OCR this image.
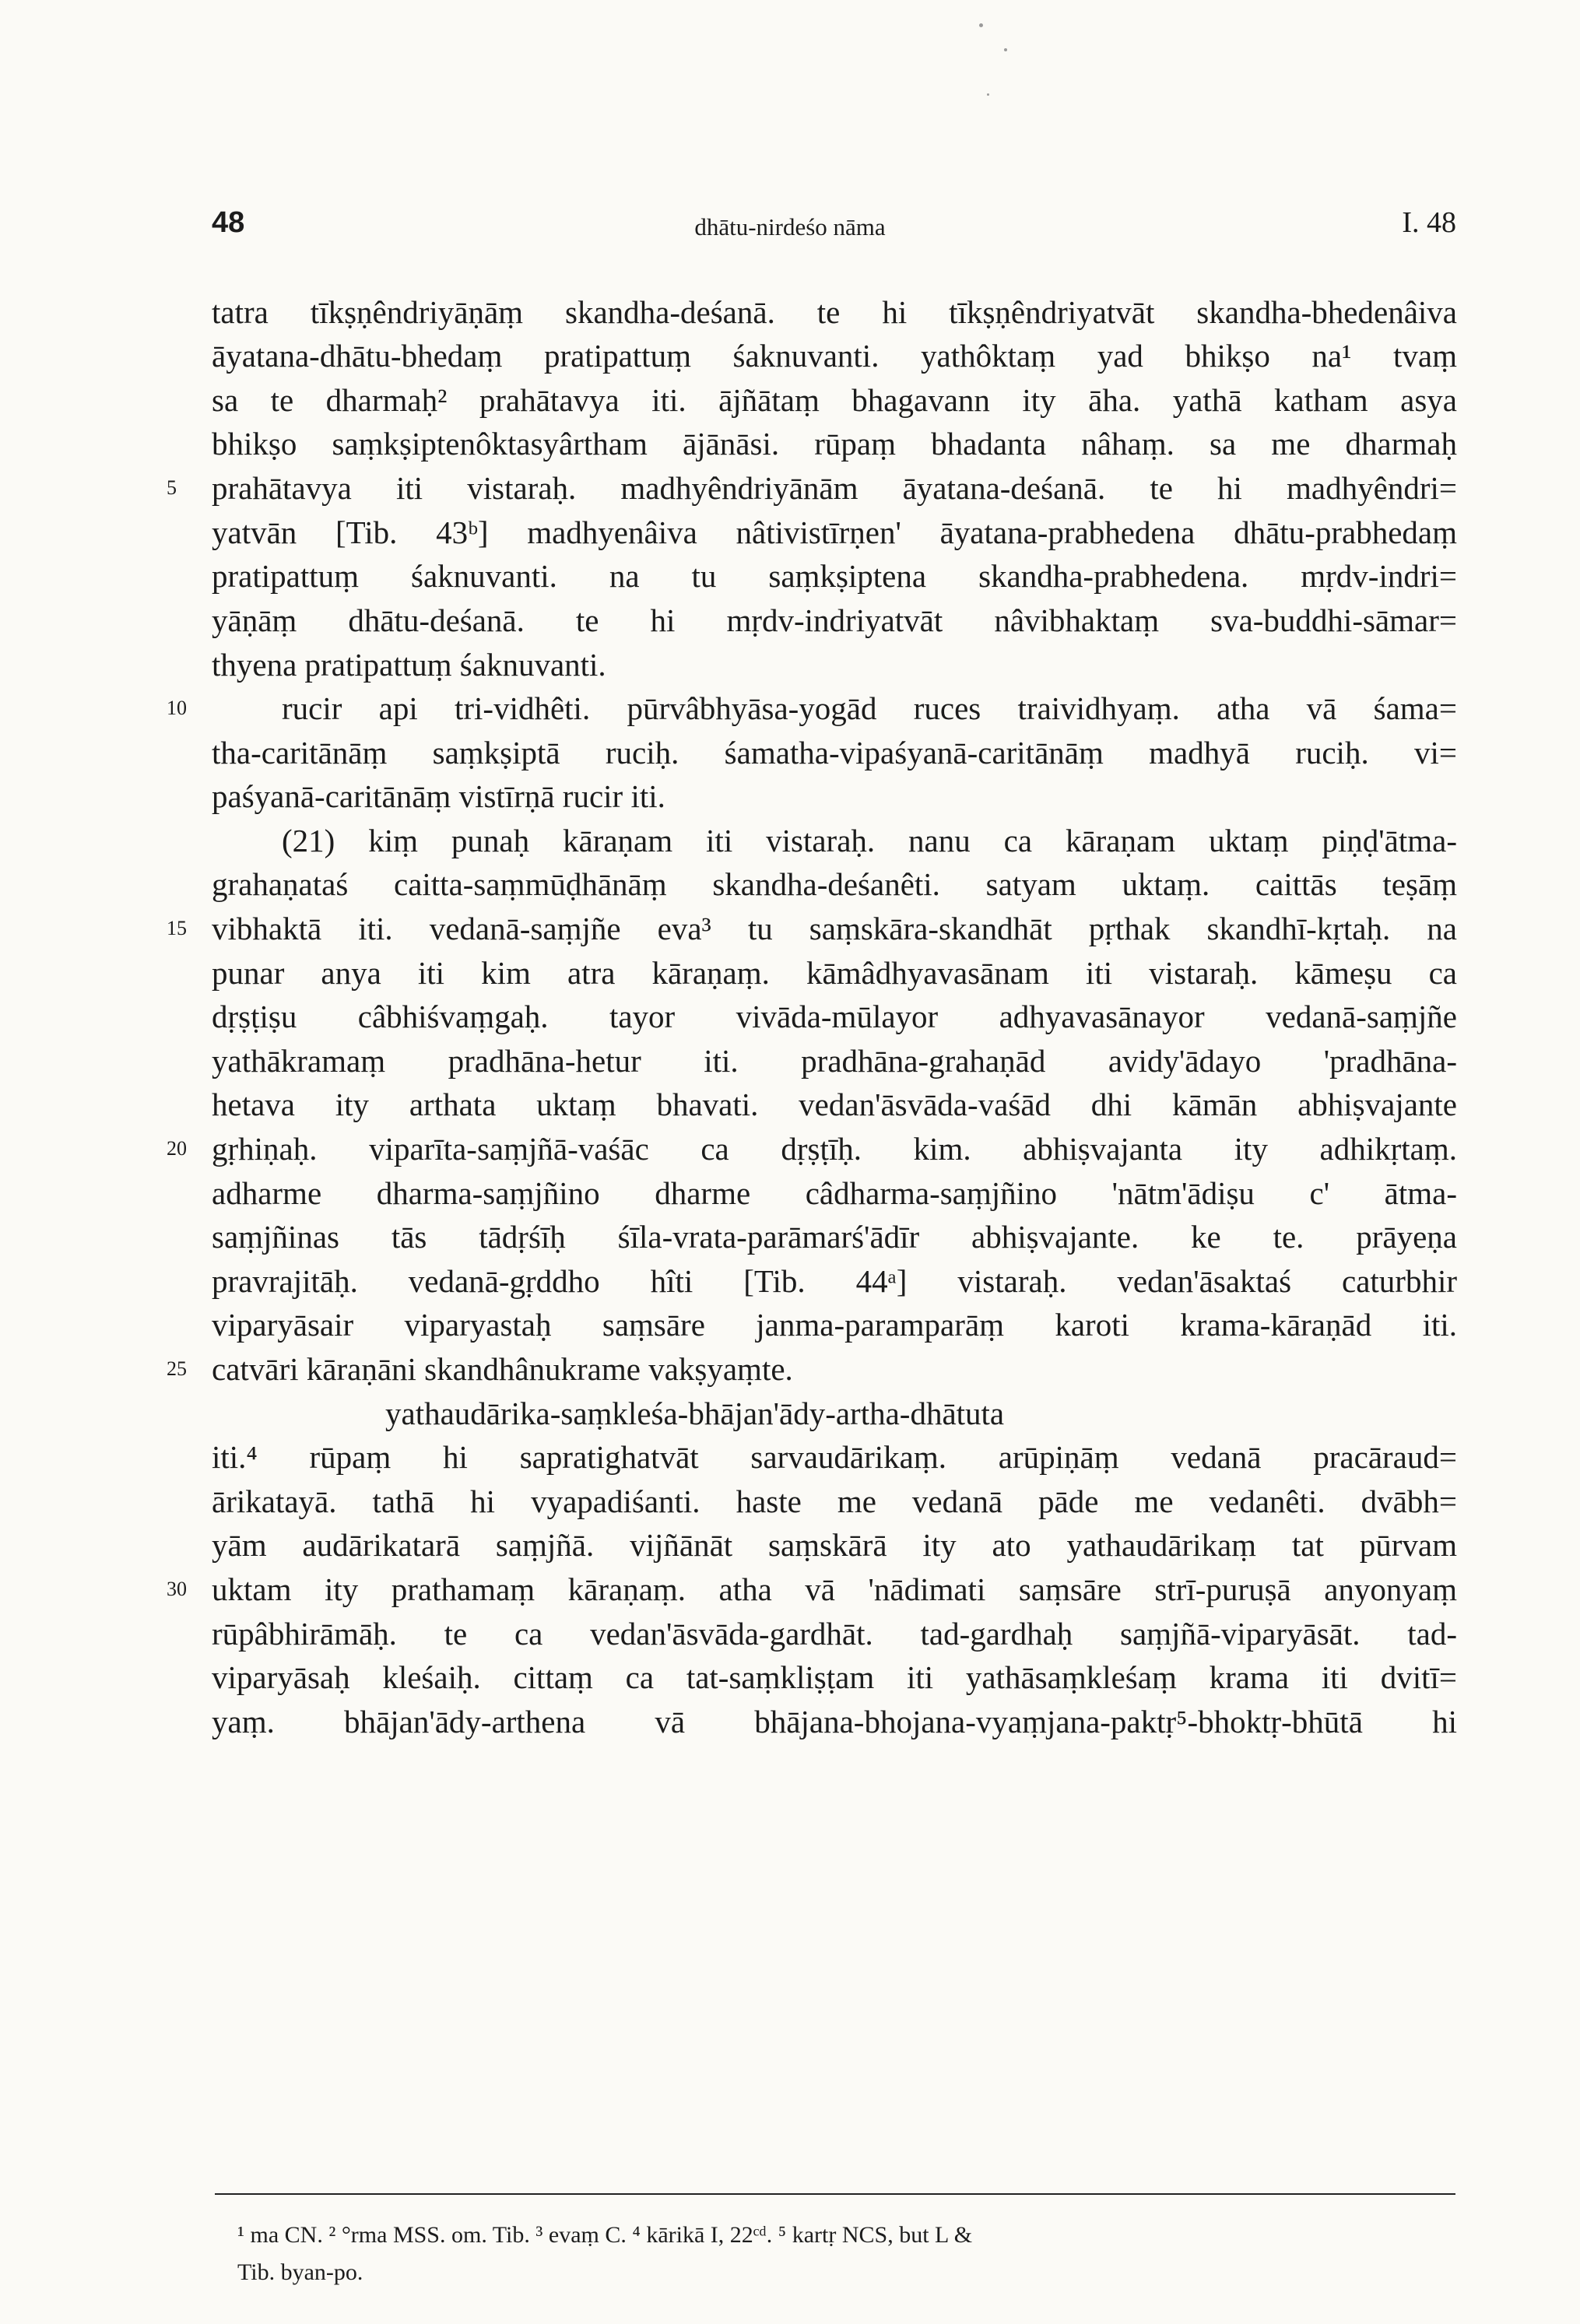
48	dhātu-nirdeśo nāma	I. 48
tatra tīkṣṇêndriyāṇāṃ skandha-deśanā. te hi tīkṣṇêndriyatvāt skandha-bhedenâiva
āyatana-dhātu-bhedaṃ pratipattuṃ śaknuvanti. yathôktaṃ yad bhikṣo na¹ tvaṃ
sa te dharmaḥ² prahātavya iti. ājñātaṃ bhagavann ity āha. yathā katham asya
bhikṣo saṃkṣiptenôktasyârtham ājānāsi. rūpaṃ bhadanta nâhaṃ. sa me dharmaḥ
5 prahātavya iti vistaraḥ. madhyêndriyānām āyatana-deśanā. te hi madhyêndri=
yatvān [Tib. 43ᵇ] madhyenâiva nâtivistīrṇen' āyatana-prabhedena dhātu-prabhedaṃ
pratipattuṃ śaknuvanti. na tu saṃkṣiptena skandha-prabhedena. mṛdv-indri=
yāṇāṃ dhātu-deśanā. te hi mṛdv-indriyatvāt nâvibhaktaṃ sva-buddhi-sāmar=
thyena pratipattuṃ śaknuvanti.
10	rucir api tri-vidhêti. pūrvâbhyāsa-yogād ruces traividhyaṃ. atha vā śama=
tha-caritānāṃ saṃkṣiptā ruciḥ. śamatha-vipaśyanā-caritānāṃ madhyā ruciḥ. vi=
paśyanā-caritānāṃ vistīrṇā rucir iti.
(21) kiṃ punaḥ kāraṇam iti vistaraḥ. nanu ca kāraṇam uktaṃ piṇḍ'ātma-
grahaṇataś caitta-saṃmūḍhānāṃ skandha-deśanêti. satyam uktaṃ. caittās teṣāṃ
15 vibhaktā iti. vedanā-saṃjñe eva³ tu saṃskāra-skandhāt pṛthak skandhī-kṛtaḥ. na
punar anya iti kim atra kāraṇaṃ. kāmâdhyavasānam iti vistaraḥ. kāmeṣu ca
dṛṣṭiṣu câbhiśvaṃgaḥ. tayor vivāda-mūlayor adhyavasānayor vedanā-saṃjñe
yathākramaṃ pradhāna-hetur iti. pradhāna-grahaṇād avidy'ādayo 'pradhāna-
hetava ity arthata uktaṃ bhavati. vedan'āsvāda-vaśād dhi kāmān abhiṣvajante
20 gṛhiṇaḥ. viparīta-saṃjñā-vaśāc ca dṛṣṭīḥ. kim. abhiṣvajanta ity adhikṛtaṃ.
adharme dharma-saṃjñino dharme câdharma-saṃjñino 'nātm'ādiṣu c' ātma-
saṃjñinas tās tādṛśīḥ śīla-vrata-parāmarś'ādīr abhiṣvajante. ke te. prāyeṇa
pravrajitāḥ. vedanā-gṛddho hîti [Tib. 44ᵃ] vistaraḥ. vedan'āsaktaś caturbhir
viparyāsair viparyastaḥ saṃsāre janma-paramparāṃ karoti krama-kāraṇād iti.
25 catvāri kāraṇāni skandhânukrame vakṣyaṃte.
yathaudārika-saṃkleśa-bhājan'ādy-artha-dhātuta
iti.⁴ rūpaṃ hi sapratighatvāt sarvaudārikaṃ. arūpiṇāṃ vedanā pracāraud=
ārikatayā. tathā hi vyapadiśanti. haste me vedanā pāde me vedanêti. dvābh=
yām audārikatarā saṃjñā. vijñānāt saṃskārā ity ato yathaudārikaṃ tat pūrvam
30 uktam ity prathamaṃ kāraṇaṃ. atha vā 'nādimati saṃsāre strī-puruṣā anyonyaṃ
rūpâbhirāmāḥ. te ca vedan'āsvāda-gardhāt. tad-gardhaḥ saṃjñā-viparyāsāt. tad-
viparyāsaḥ kleśaiḥ. cittaṃ ca tat-saṃkliṣṭam iti yathāsaṃkleśaṃ krama iti dvitī=
yaṃ. bhājan'ādy-arthena vā bhājana-bhojana-vyaṃjana-paktṛ⁵-bhoktṛ-bhūtā hi
¹ ma CN. ² °rma MSS. om. Tib. ³ evaṃ C. ⁴ kārikā I, 22ᶜᵈ. ⁵ kartṛ NCS, but L &
Tib. byan-po.
